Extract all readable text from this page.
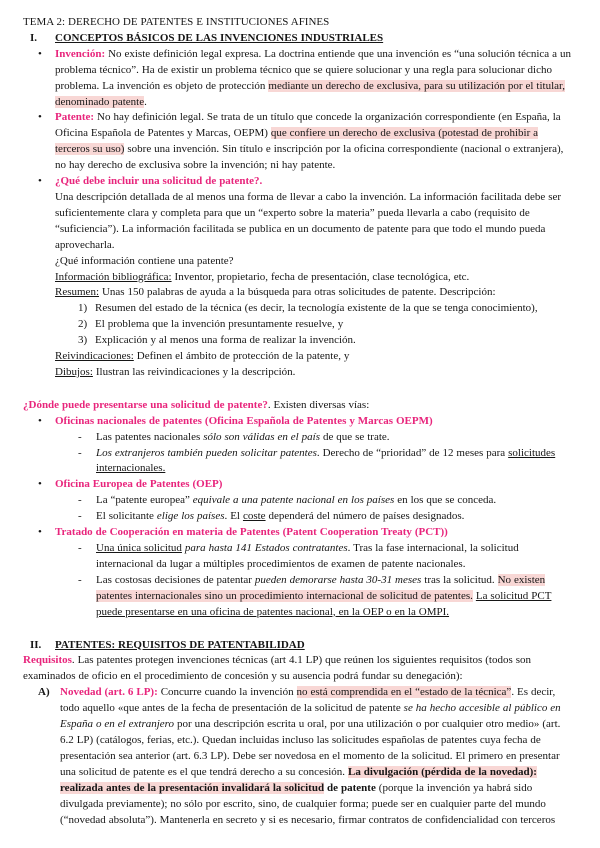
TEMA 2: DERECHO DE PATENTES E INSTITUCIONES AFINES
I. CONCEPTOS BÁSICOS DE LAS INVENCIONES INDUSTRIALES
• Invención: No existe definición legal expresa. La doctrina entiende que una invención es “una solución técnica a un problema técnico”. Ha de existir un problema técnico que se quiere solucionar y una regla para solucionar dicho problema. La invención es objeto de protección mediante un derecho de exclusiva, para su utilización por el titular, denominado patente.
• Patente: No hay definición legal. Se trata de un título que concede la organización correspondiente (en España, la Oficina Española de Patentes y Marcas, OEPM) que confiere un derecho de exclusiva (potestad de prohibir a terceros su uso) sobre una invención. Sin título e inscripción por la oficina correspondiente (nacional o extranjera), no hay derecho de exclusiva sobre la invención; ni hay patente.
• ¿Qué debe incluir una solicitud de patente?.
Una descripción detallada de al menos una forma de llevar a cabo la invención. La información facilitada debe ser suficientemente clara y completa para que un “experto sobre la materia” pueda llevarla a cabo (requisito de “suficiencia”). La información facilitada se publica en un documento de patente para que todo el mundo pueda aprovecharla.
¿Qué información contiene una patente?
Información bibliográfica: Inventor, propietario, fecha de presentación, clase tecnológica, etc.
Resumen: Unas 150 palabras de ayuda a la búsqueda para otras solicitudes de patente. Descripción:
1) Resumen del estado de la técnica (es decir, la tecnología existente de la que se tenga conocimiento),
2) El problema que la invención presuntamente resuelve, y
3) Explicación y al menos una forma de realizar la invención.
Reivindicaciones: Definen el ámbito de protección de la patente, y
Dibujos: Ilustran las reivindicaciones y la descripción.
¿Dónde puede presentarse una solicitud de patente?. Existen diversas vías:
• Oficinas nacionales de patentes (Oficina Española de Patentes y Marcas OEPM)
- Las patentes nacionales sólo son válidas en el país de que se trate.
- Los extranjeros también pueden solicitar patentes. Derecho de “prioridad” de 12 meses para solicitudes internacionales.
• Oficina Europea de Patentes (OEP)
- La “patente europea” equivale a una patente nacional en los países en los que se conceda.
- El solicitante elige los países. El coste dependerá del número de países designados.
• Tratado de Cooperación en materia de Patentes (Patent Cooperation Treaty (PCT))
- Una única solicitud para hasta 141 Estados contratantes. Tras la fase internacional, la solicitud internacional da lugar a múltiples procedimientos de examen de patente nacionales.
- Las costosas decisiones de patentar pueden demorarse hasta 30-31 meses tras la solicitud. No existen patentes internacionales sino un procedimiento internacional de solicitud de patentes. La solicitud PCT puede presentarse en una oficina de patentes nacional, en la OEP o en la OMPI.
II. PATENTES: REQUISITOS DE PATENTABILIDAD
Requisitos. Las patentes protegen invenciones técnicas (art 4.1 LP) que reúnen los siguientes requisitos (todos son examinados de oficio en el procedimiento de concesión y su ausencia podrá fundar su denegación):
A) Novedad (art. 6 LP): Concurre cuando la invención no está comprendida en el “estado de la técnica”. Es decir, todo aquello «que antes de la fecha de presentación de la solicitud de patente se ha hecho accesible al público en España o en el extranjero por una descripción escrita u oral, por una utilización o por cualquier otro medio» (art. 6.2 LP) (catálogos, ferias, etc.). Quedan incluidas incluso las solicitudes españolas de patentes cuya fecha de presentación sea anterior (art. 6.3 LP). Debe ser novedosa en el momento de la solicitud. El primero en presentar una solicitud de patente es el que tendrá derecho a su concesión. La divulgación (pérdida de la novedad): realizada antes de la presentación invalidará la solicitud de patente (porque la invención ya habrá sido divulgada previamente); no sólo por escrito, sino, de cualquier forma; puede ser en cualquier parte del mundo (“novedad absoluta”). Mantenerla en secreto y si es necesario, firmar contratos de confidencialidad con terceros
